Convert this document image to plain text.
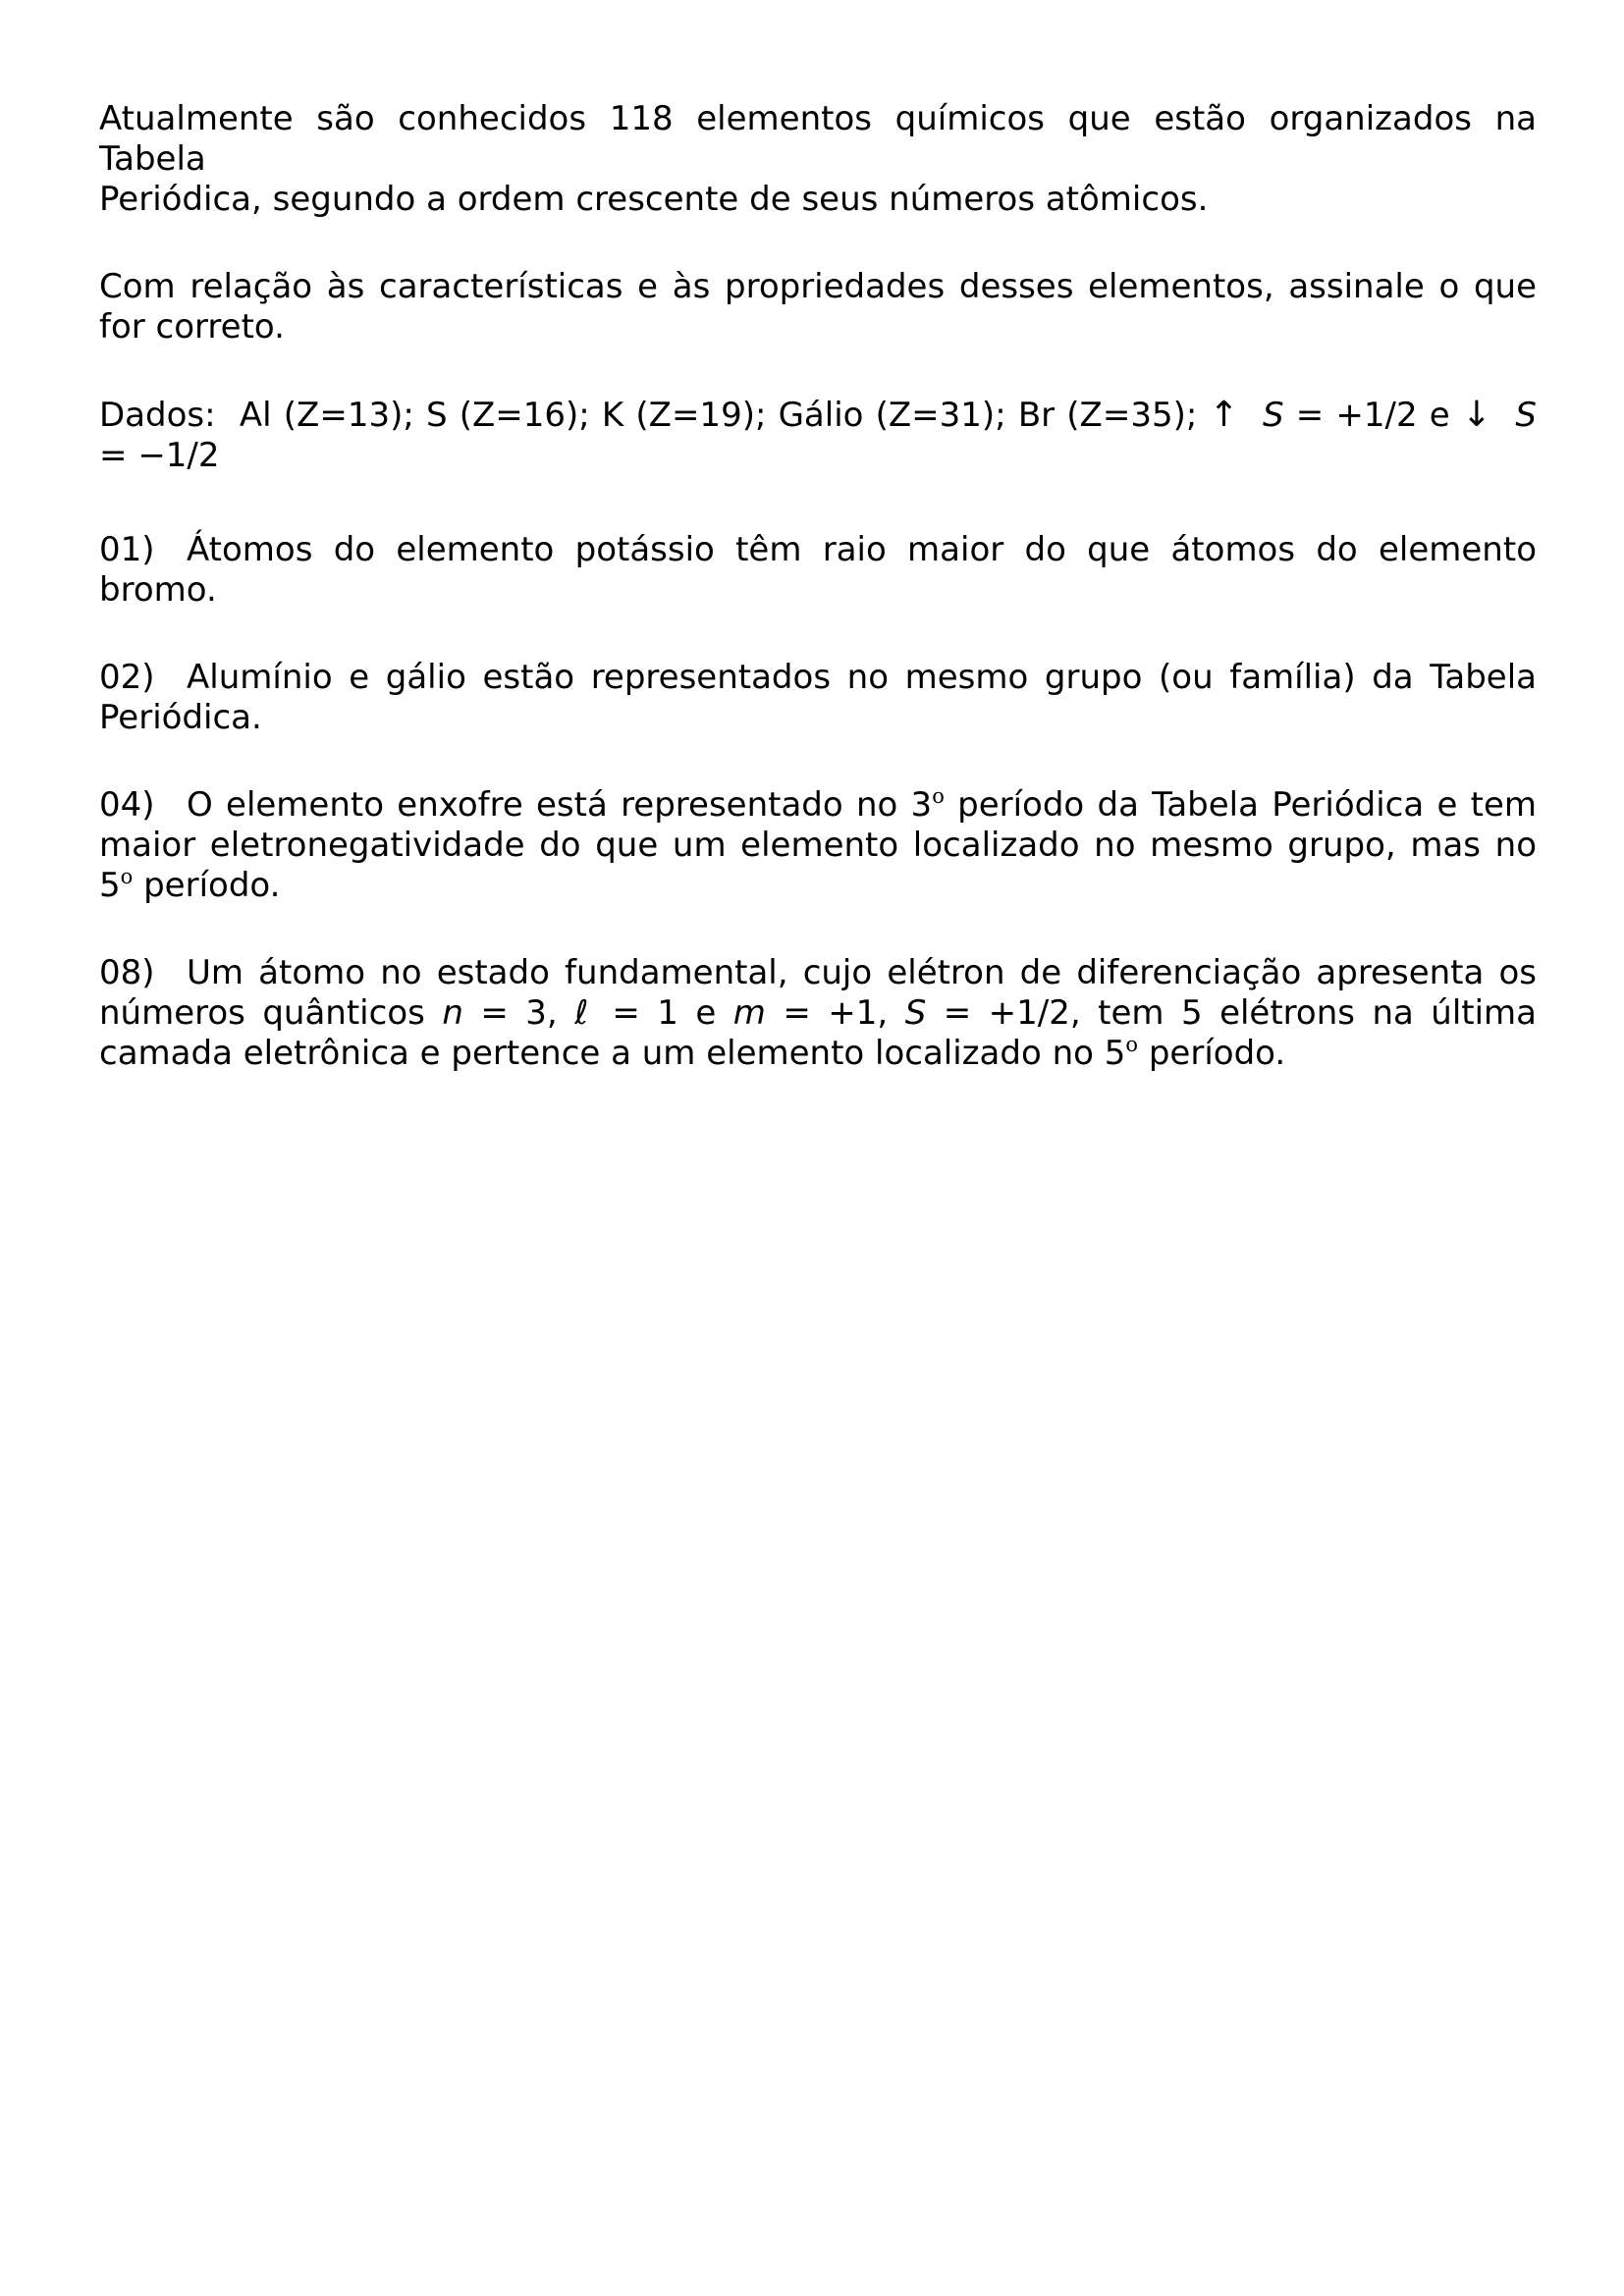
Atualmente são conhecidos 118 elementos químicos que estão organizados na Tabela
Periódica, segundo a ordem crescente de seus números atômicos.

Com relação às características e às propriedades desses elementos, assinale o que for correto.

Dados: Al (Z=13); S (Z=16); K (Z=19); Gálio (Z=31); Br (Z=35); ↑ S = +1/2 e ↓ S = −1/2

01) Átomos do elemento potássio têm raio maior do que átomos do elemento bromo.

02) Alumínio e gálio estão representados no mesmo grupo (ou família) da Tabela Periódica.

04) O elemento enxofre está representado no 3$^o$ período da Tabela Periódica e tem maior eletronegatividade do que um elemento localizado no mesmo grupo, mas no 5$^o$ período.

08) Um átomo no estado fundamental, cujo elétron de diferenciação apresenta os números quânticos n = 3, ℓ = 1 e m = +1, S = +1/2, tem 5 elétrons na última camada eletrônica e pertence a um elemento localizado no 5$^o$ período.
